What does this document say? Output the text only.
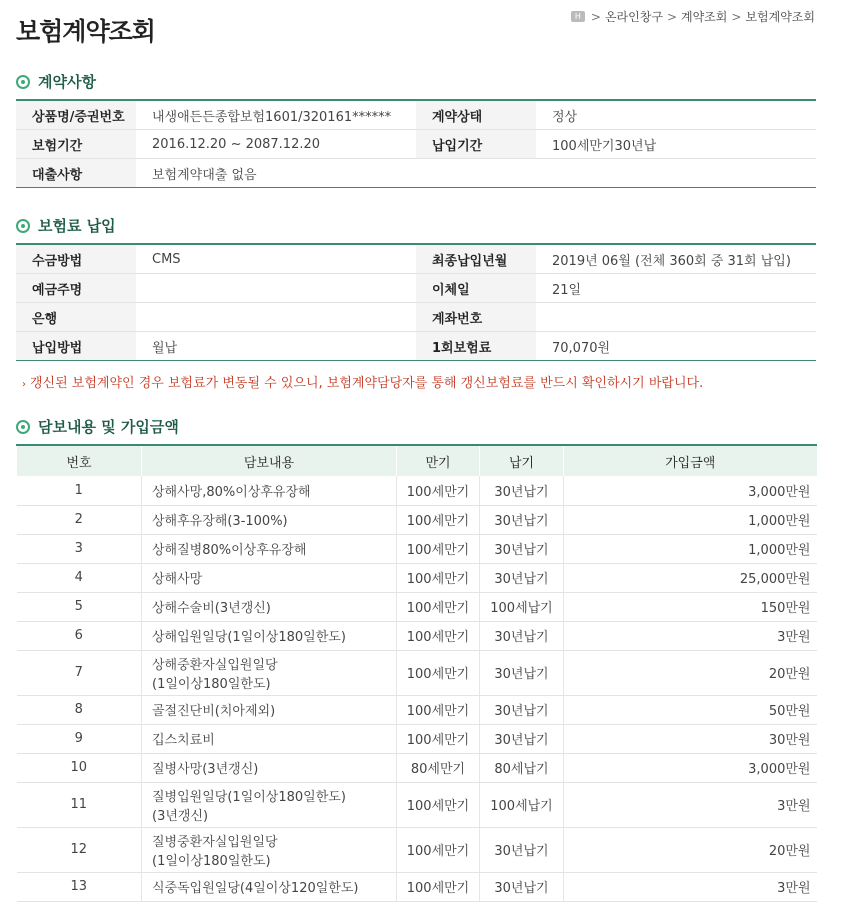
보험계약조회
H > 온라인창구 > 계약조회 > 보험계약조회
계약사항
상품명/증권번호	내생애든든종합보험1601/320161******	계약상태	정상
보험기간	2016.12.20 ~ 2087.12.20	납입기간	100세만기30년납
대출사항	보험계약대출 없음		
보험료 납입
수금방법	CMS	최종납입년월	2019년 06월 (전체 360회 중 31회 납입)
예금주명		이체일	21일
은행		계좌번호	
납입방법	월납	1회보험료	70,070원
› 갱신된 보험계약인 경우 보험료가 변동될 수 있으니, 보험계약담당자를 통해 갱신보험료를 반드시 확인하시기 바랍니다.
담보내용 및 가입금액
번호	담보내용	만기	납기	가입금액
1	상해사망,80%이상후유장해	100세만기	30년납기	3,000만원
2	상해후유장해(3-100%)	100세만기	30년납기	1,000만원
3	상해질병80%이상후유장해	100세만기	30년납기	1,000만원
4	상해사망	100세만기	30년납기	25,000만원
5	상해수술비(3년갱신)	100세만기	100세납기	150만원
6	상해입원일당(1일이상180일한도)	100세만기	30년납기	3만원
7	상해중환자실입원일당
(1일이상180일한도)	100세만기	30년납기	20만원
8	골절진단비(치아제외)	100세만기	30년납기	50만원
9	깁스치료비	100세만기	30년납기	30만원
10	질병사망(3년갱신)	80세만기	80세납기	3,000만원
11	질병입원일당(1일이상180일한도)
(3년갱신)	100세만기	100세납기	3만원
12	질병중환자실입원일당
(1일이상180일한도)	100세만기	30년납기	20만원
13	식중독입원일당(4일이상120일한도)	100세만기	30년납기	3만원
